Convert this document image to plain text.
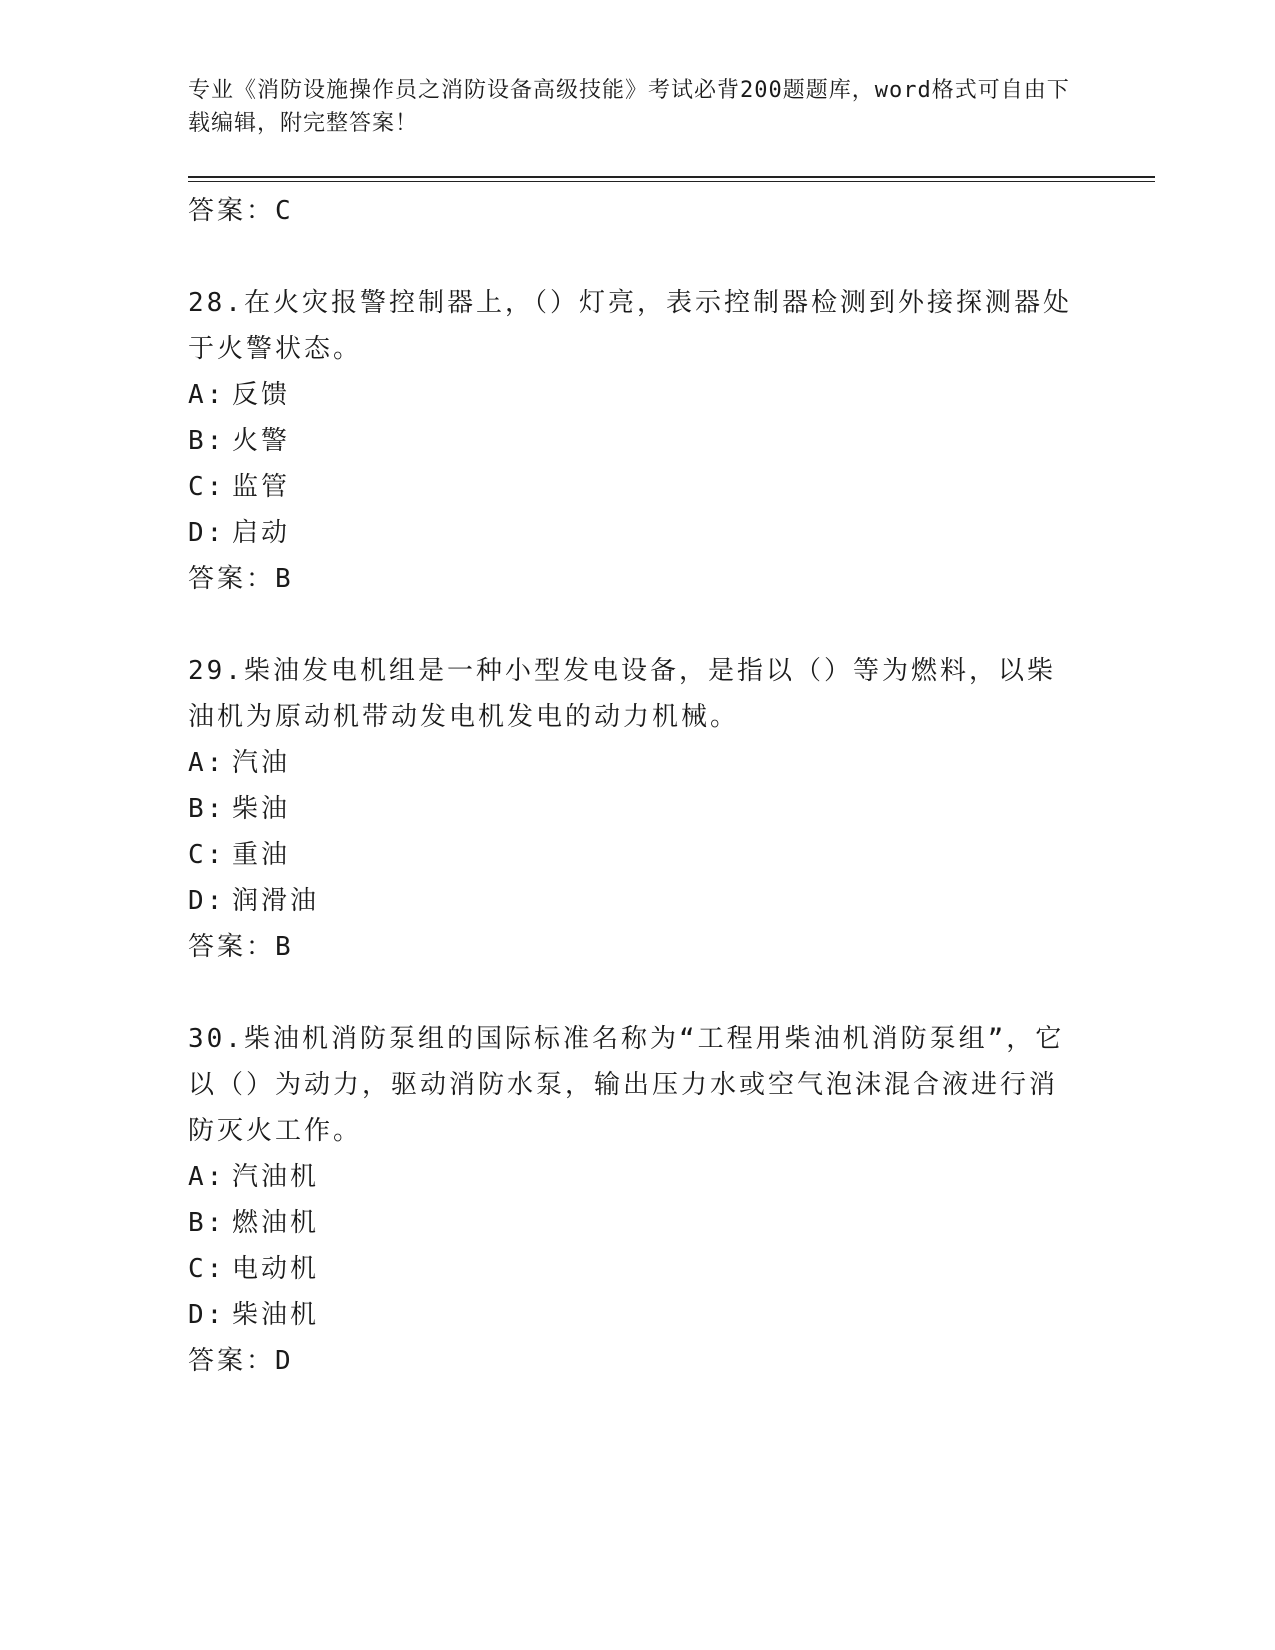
专业《消防设施操作员之消防设备高级技能》考试必背200题题库，word格式可自由下载编辑，附完整答案！
答案：C
28.在火灾报警控制器上，（）灯亮，表示控制器检测到外接探测器处于火警状态。
A: 反馈
B: 火警
C: 监管
D: 启动
答案：B
29.柴油发电机组是一种小型发电设备，是指以（）等为燃料，以柴油机为原动机带动发电机发电的动力机械。
A: 汽油
B: 柴油
C: 重油
D: 润滑油
答案：B
30.柴油机消防泵组的国际标准名称为“工程用柴油机消防泵组”，它以（）为动力，驱动消防水泵，输出压力水或空气泡沫混合液进行消防灭火工作。
A: 汽油机
B: 燃油机
C: 电动机
D: 柴油机
答案：D
